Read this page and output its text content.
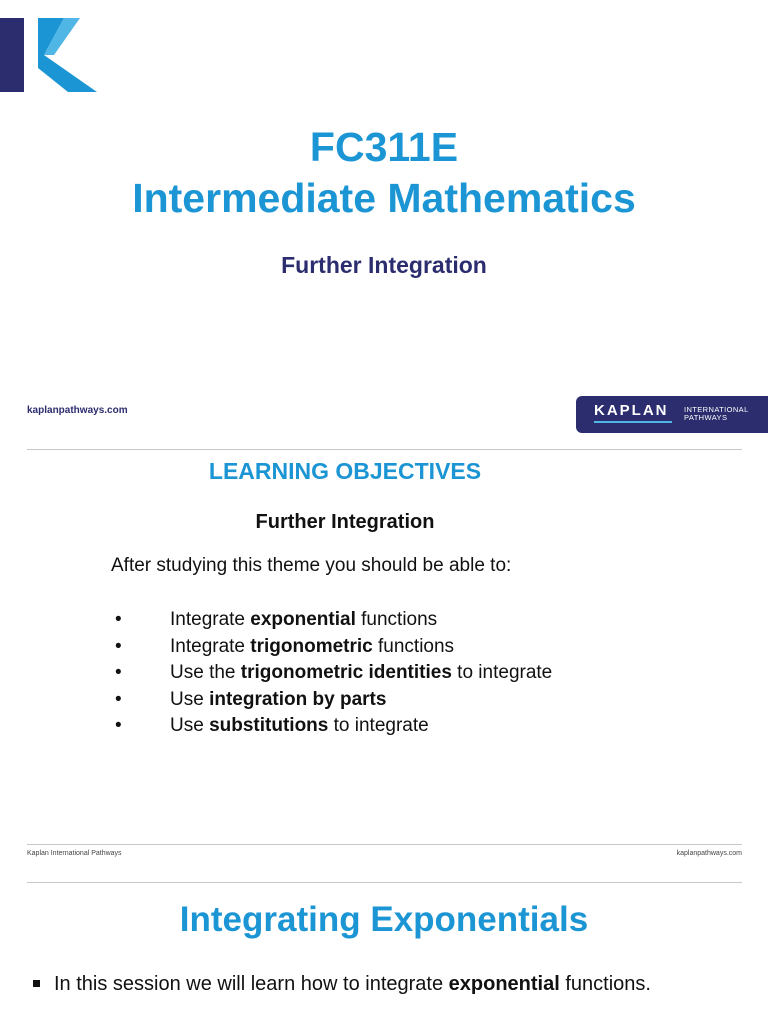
FC311E
Intermediate Mathematics
Further Integration
kaplanpathways.com	KAPLAN INTERNATIONAL
PATHWAYS
LEARNING OBJECTIVES
Further Integration
After studying this theme you should be able to:
•	Integrate exponential functions
•	Integrate trigonometric functions
•	Use the trigonometric identities to integrate
•	Use integration by parts
•	Use substitutions to integrate
Kaplan International Pathways	kaplanpathways.com
Integrating Exponentials
In this session we will learn how to integrate exponential functions.
